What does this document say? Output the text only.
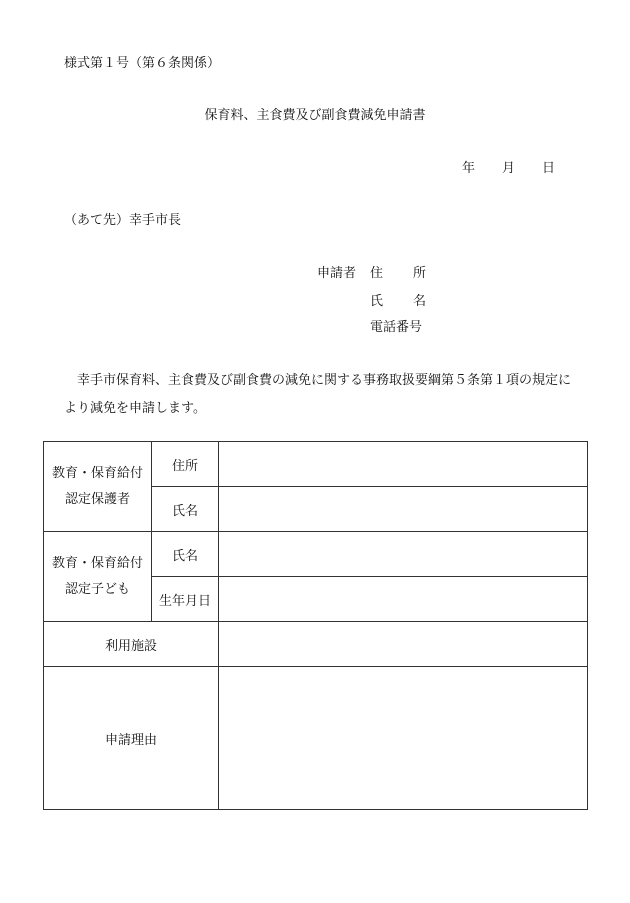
様式第１号（第６条関係）
保育料、主食費及び副食費減免申請書
年 月 日
（あて先）幸手市長
申請者 住 所
氏 名
電話番号
幸手市保育料、主食費及び副食費の減免に関する事務取扱要綱第５条第１項の規定により減免を申請します。
教育・保育給付
認定保護者	住所	
	氏名	

教育・保育給付
認定子ども	氏名	
	生年月日	
利用施設		
申請理由		
